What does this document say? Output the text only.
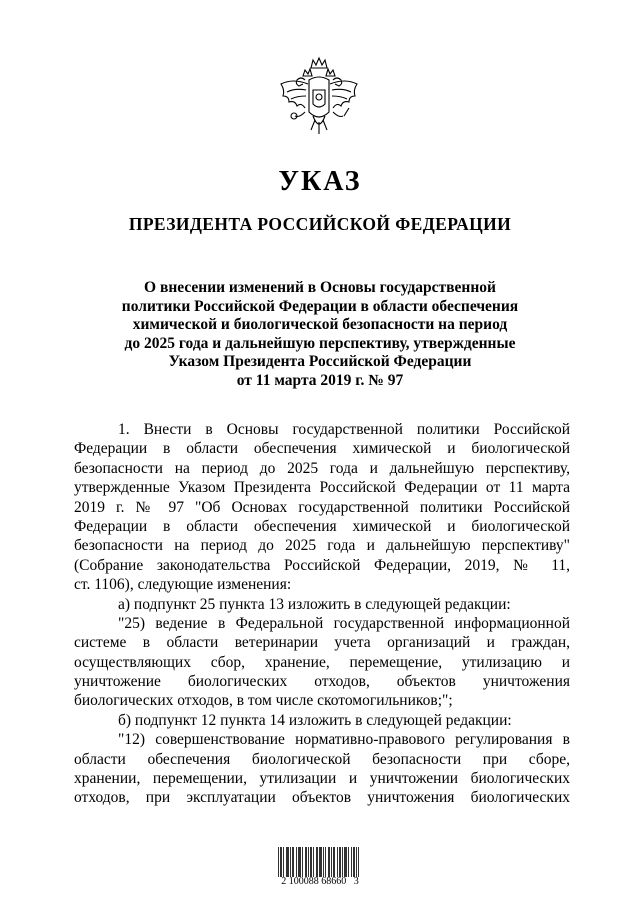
УКАЗ
ПРЕЗИДЕНТА РОССИЙСКОЙ ФЕДЕРАЦИИ
О внесении изменений в Основы государственной
политики Российской Федерации в области обеспечения
химической и биологической безопасности на период
до 2025 года и дальнейшую перспективу, утвержденные
Указом Президента Российской Федерации
от 11 марта 2019 г. № 97
1. Внести в Основы государственной политики Российской
Федерации в области обеспечения химической и биологической
безопасности на период до 2025 года и дальнейшую перспективу,
утвержденные Указом Президента Российской Федерации от 11 марта
2019 г. № 97 "Об Основах государственной политики Российской
Федерации в области обеспечения химической и биологической
безопасности на период до 2025 года и дальнейшую перспективу"
(Собрание законодательства Российской Федерации, 2019, № 11,
ст. 1106), следующие изменения:
а) подпункт 25 пункта 13 изложить в следующей редакции:
"25) ведение в Федеральной государственной информационной
системе в области ветеринарии учета организаций и граждан,
осуществляющих сбор, хранение, перемещение, утилизацию и
уничтожение биологических отходов, объектов уничтожения
биологических отходов, в том числе скотомогильников;";
б) подпункт 12 пункта 14 изложить в следующей редакции:
"12) совершенствование нормативно-правового регулирования в
области обеспечения биологической безопасности при сборе,
хранении, перемещении, утилизации и уничтожении биологических
отходов, при эксплуатации объектов уничтожения биологических
2 100088 68660   3
